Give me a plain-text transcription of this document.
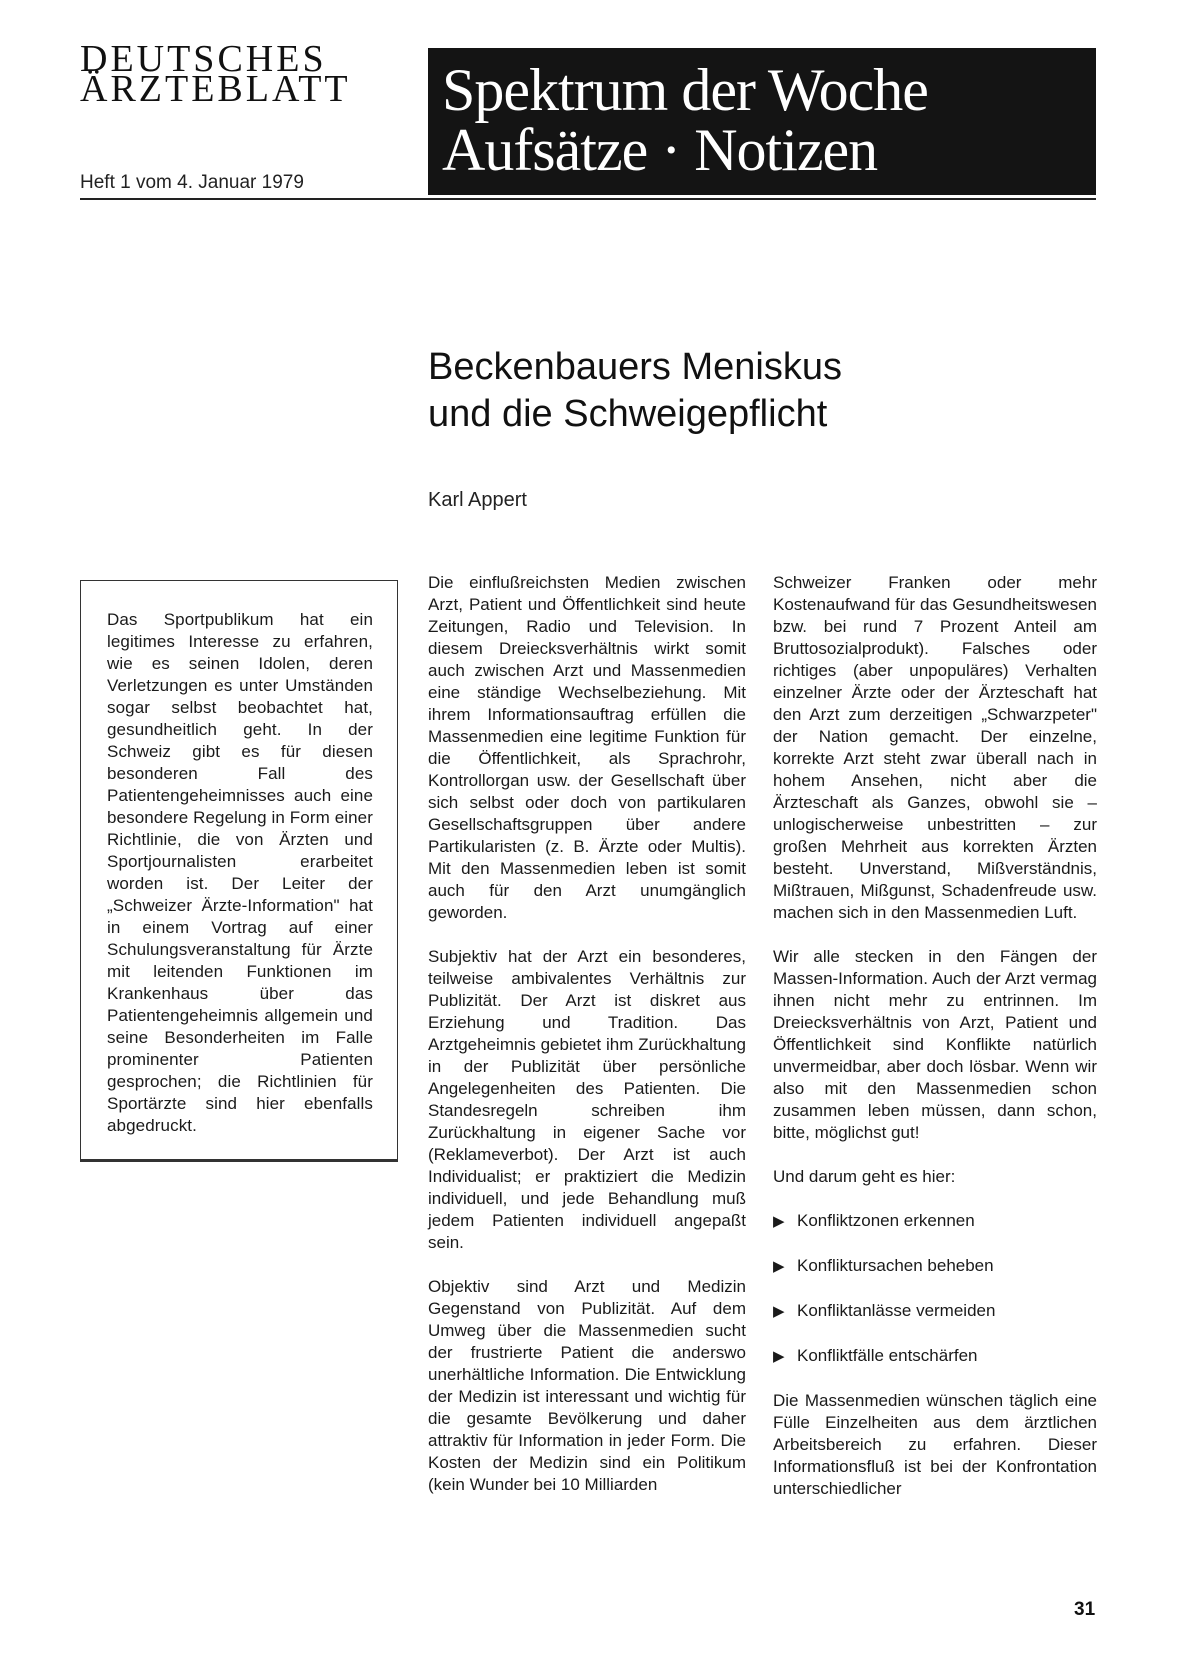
DEUTSCHES
ÄRZTEBLATT
Heft 1 vom 4. Januar 1979
Spektrum der Woche
Aufsätze · Notizen
Beckenbauers Meniskus
und die Schweigepflicht
Karl Appert

Das Sportpublikum hat ein legitimes Interesse zu erfahren, wie es seinen Idolen, deren Verletzungen es unter Umständen sogar selbst beobachtet hat, gesundheitlich geht. In der Schweiz gibt es für diesen besonderen Fall des Patientengeheimnisses auch eine besondere Regelung in Form einer Richtlinie, die von Ärzten und Sportjournalisten erarbeitet worden ist. Der Leiter der „Schweizer Ärzte-Information" hat in einem Vortrag auf einer Schulungsveranstaltung für Ärzte mit leitenden Funktionen im Krankenhaus über das Patientengeheimnis allgemein und seine Besonderheiten im Falle prominenter Patienten gesprochen; die Richtlinien für Sportärzte sind hier ebenfalls abgedruckt.

Die einflußreichsten Medien zwischen Arzt, Patient und Öffentlichkeit sind heute Zeitungen, Radio und Television. In diesem Dreiecksverhältnis wirkt somit auch zwischen Arzt und Massenmedien eine ständige Wechselbeziehung. Mit ihrem Informationsauftrag erfüllen die Massenmedien eine legitime Funktion für die Öffentlichkeit, als Sprachrohr, Kontrollorgan usw. der Gesellschaft über sich selbst oder doch von partikularen Gesellschaftsgruppen über andere Partikularisten (z. B. Ärzte oder Multis). Mit den Massenmedien leben ist somit auch für den Arzt unumgänglich geworden.

Subjektiv hat der Arzt ein besonderes, teilweise ambivalentes Verhältnis zur Publizität. Der Arzt ist diskret aus Erziehung und Tradition. Das Arztgeheimnis gebietet ihm Zurückhaltung in der Publizität über persönliche Angelegenheiten des Patienten. Die Standesregeln schreiben ihm Zurückhaltung in eigener Sache vor (Reklameverbot). Der Arzt ist auch Individualist; er praktiziert die Medizin individuell, und jede Behandlung muß jedem Patienten individuell angepaßt sein.

Objektiv sind Arzt und Medizin Gegenstand von Publizität. Auf dem Umweg über die Massenmedien sucht der frustrierte Patient die anderswo unerhältliche Information. Die Entwicklung der Medizin ist interessant und wichtig für die gesamte Bevölkerung und daher attraktiv für Information in jeder Form. Die Kosten der Medizin sind ein Politikum (kein Wunder bei 10 Milliarden

Schweizer Franken oder mehr Kostenaufwand für das Gesundheitswesen bzw. bei rund 7 Prozent Anteil am Bruttosozialprodukt). Falsches oder richtiges (aber unpopuläres) Verhalten einzelner Ärzte oder der Ärzteschaft hat den Arzt zum derzeitigen „Schwarzpeter" der Nation gemacht. Der einzelne, korrekte Arzt steht zwar überall nach in hohem Ansehen, nicht aber die Ärzteschaft als Ganzes, obwohl sie – unlogischerweise unbestritten – zur großen Mehrheit aus korrekten Ärzten besteht. Unverstand, Mißverständnis, Mißtrauen, Mißgunst, Schadenfreude usw. machen sich in den Massenmedien Luft.

Wir alle stecken in den Fängen der Massen-Information. Auch der Arzt vermag ihnen nicht mehr zu entrinnen. Im Dreiecksverhältnis von Arzt, Patient und Öffentlichkeit sind Konflikte natürlich unvermeidbar, aber doch lösbar. Wenn wir also mit den Massenmedien schon zusammen leben müssen, dann schon, bitte, möglichst gut!

Und darum geht es hier:

▶ Konfliktzonen erkennen
▶ Konfliktursachen beheben
▶ Konfliktanlässe vermeiden
▶ Konfliktfälle entschärfen

Die Massenmedien wünschen täglich eine Fülle Einzelheiten aus dem ärztlichen Arbeitsbereich zu erfahren. Dieser Informationsfluß ist bei der Konfrontation unterschiedlicher

31
